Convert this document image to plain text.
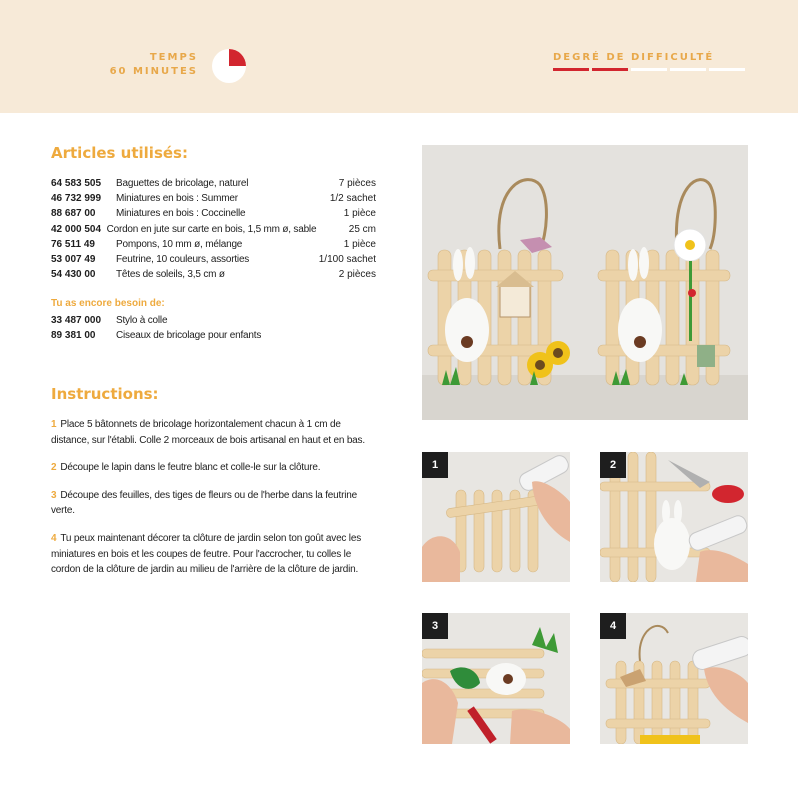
TEMPS
60 MINUTES
DEGRÉ DE DIFFICULTÉ
Articles utilisés:
64 583 505	Baguettes de bricolage, naturel	7 pièces
46 732 999	Miniatures en bois : Summer	1/2 sachet
88 687 00	Miniatures en bois : Coccinelle	1 pièce
42 000 504 Cordon en jute sur carte en bois, 1,5 mm ø, sable	25 cm
76 511 49	Pompons, 10 mm ø, mélange	1 pièce
53 007 49	Feutrine, 10 couleurs, assorties	1/100 sachet
54 430 00	Têtes de soleils, 3,5 cm ø	2 pièces
Tu as encore besoin de:
33 487 000	Stylo à colle
89 381 00	Ciseaux de bricolage pour enfants
Instructions:

1 Place 5 bâtonnets de bricolage horizontalement chacun à 1 cm de distance, sur l'établi. Colle 2 morceaux de bois artisanal en haut et en bas.

2 Découpe le lapin dans le feutre blanc et colle-le sur la clôture.

3 Découpe des feuilles, des tiges de fleurs ou de l'herbe dans la feutrine verte.

4 Tu peux maintenant décorer ta clôture de jardin selon ton goût avec les miniatures en bois et les coupes de feutre. Pour l'accrocher, tu colles le cordon de la clôture de jardin au milieu de l'arrière de la clôture de jardin.

1	2
3	4
